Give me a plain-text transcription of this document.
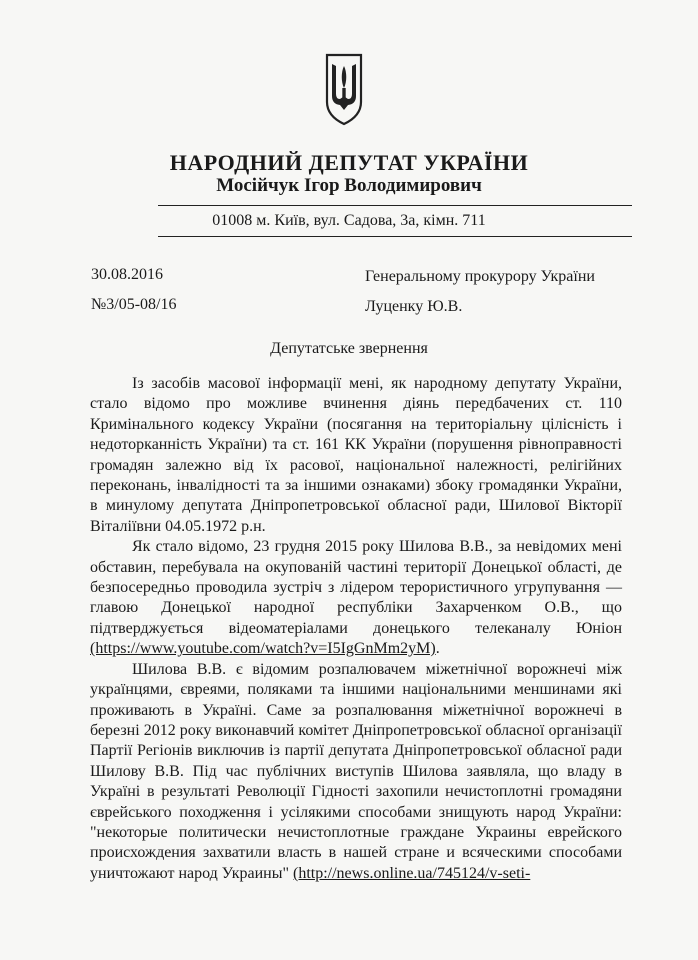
НАРОДНИЙ ДЕПУТАТ УКРАЇНИ
Мосійчук Ігор Володимирович
01008 м. Київ, вул. Садова, 3а, кімн. 711
30.08.2016
№3/05-08/16
Генеральному прокурору України
Луценку Ю.В.
Депутатське звернення

Із засобів масової інформації мені, як народному депутату України, стало відомо про можливе вчинення діянь передбачених ст. 110 Кримінального кодексу України (посягання на територіальну цілісність і недоторканність України) та ст. 161 КК України (порушення рівноправності громадян залежно від їх расової, національної належності, релігійних переконань, інвалідності та за іншими ознаками) збоку громадянки України, в минулому депутата Дніпропетровської обласної ради, Шилової Вікторії Віталіївни 04.05.1972 р.н.

Як стало відомо, 23 грудня 2015 року Шилова В.В., за невідомих мені обставин, перебувала на окупованій частині території Донецької області, де безпосередньо проводила зустріч з лідером терористичного угрупування — главою Донецької народної республіки Захарченком О.В., що підтверджується відеоматеріалами донецького телеканалу Юніон (https://www.youtube.com/watch?v=I5IgGnMm2yM).

Шилова В.В. є відомим розпалювачем міжетнічної ворожнечі між українцями, євреями, поляками та іншими національними меншинами які проживають в Україні. Саме за розпалювання міжетнічної ворожнечі в березні 2012 року виконавчий комітет Дніпропетровської обласної організації Партії Регіонів виключив із партії депутата Дніпропетровської обласної ради Шилову В.В. Під час публічних виступів Шилова заявляла, що владу в Україні в результаті Революції Гідності захопили нечистоплотні громадяни єврейського походження і усілякими способами знищують народ України: "некоторые политически нечистоплотные граждане Украины еврейского происхождения захватили власть в нашей стране и всяческими способами уничтожают народ Украины" (http://news.online.ua/745124/v-seti-
